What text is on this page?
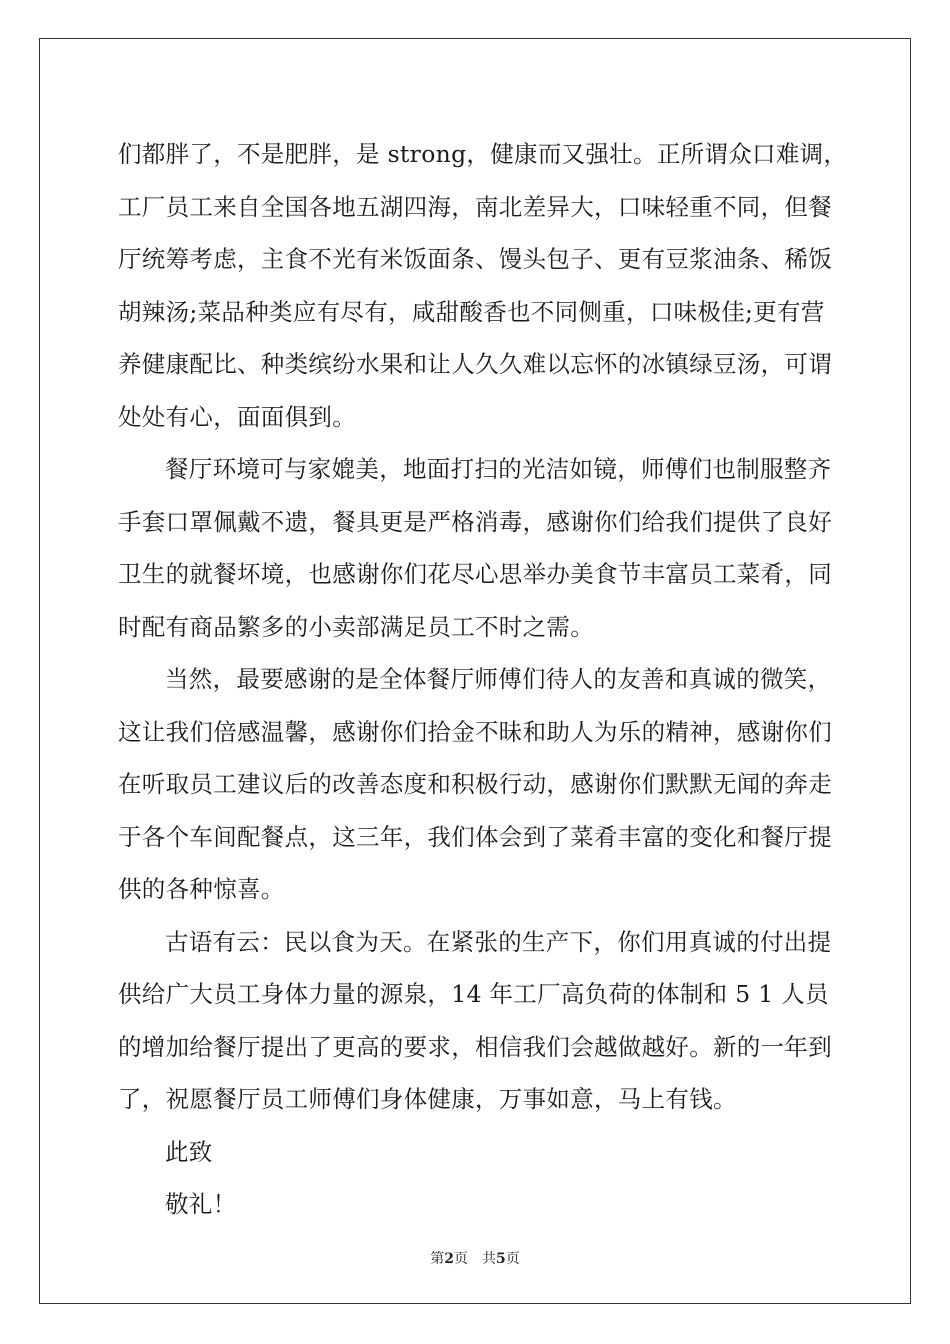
们都胖了，不是肥胖，是 strong，健康而又强壮。正所谓众口难调，
工厂员工来自全国各地五湖四海，南北差异大，口味轻重不同，但餐
厅统筹考虑，主食不光有米饭面条、馒头包子、更有豆浆油条、稀饭
胡辣汤;菜品种类应有尽有，咸甜酸香也不同侧重，口味极佳;更有营
养健康配比、种类缤纷水果和让人久久难以忘怀的冰镇绿豆汤，可谓
处处有心，面面俱到。
餐厅环境可与家媲美，地面打扫的光洁如镜，师傅们也制服整齐
手套口罩佩戴不遗，餐具更是严格消毒，感谢你们给我们提供了良好
卫生的就餐坏境，也感谢你们花尽心思举办美食节丰富员工菜肴，同
时配有商品繁多的小卖部满足员工不时之需。
当然，最要感谢的是全体餐厅师傅们待人的友善和真诚的微笑，
这让我们倍感温馨，感谢你们拾金不昧和助人为乐的精神，感谢你们
在听取员工建议后的改善态度和积极行动，感谢你们默默无闻的奔走
于各个车间配餐点，这三年，我们体会到了菜肴丰富的变化和餐厅提
供的各种惊喜。
古语有云：民以食为天。在紧张的生产下，你们用真诚的付出提
供给广大员工身体力量的源泉，14 年工厂高负荷的体制和 5 1 人员
的增加给餐厅提出了更高的要求，相信我们会越做越好。新的一年到
了，祝愿餐厅员工师傅们身体健康，万事如意，马上有钱。
此致
敬礼！
第2页　共5页
